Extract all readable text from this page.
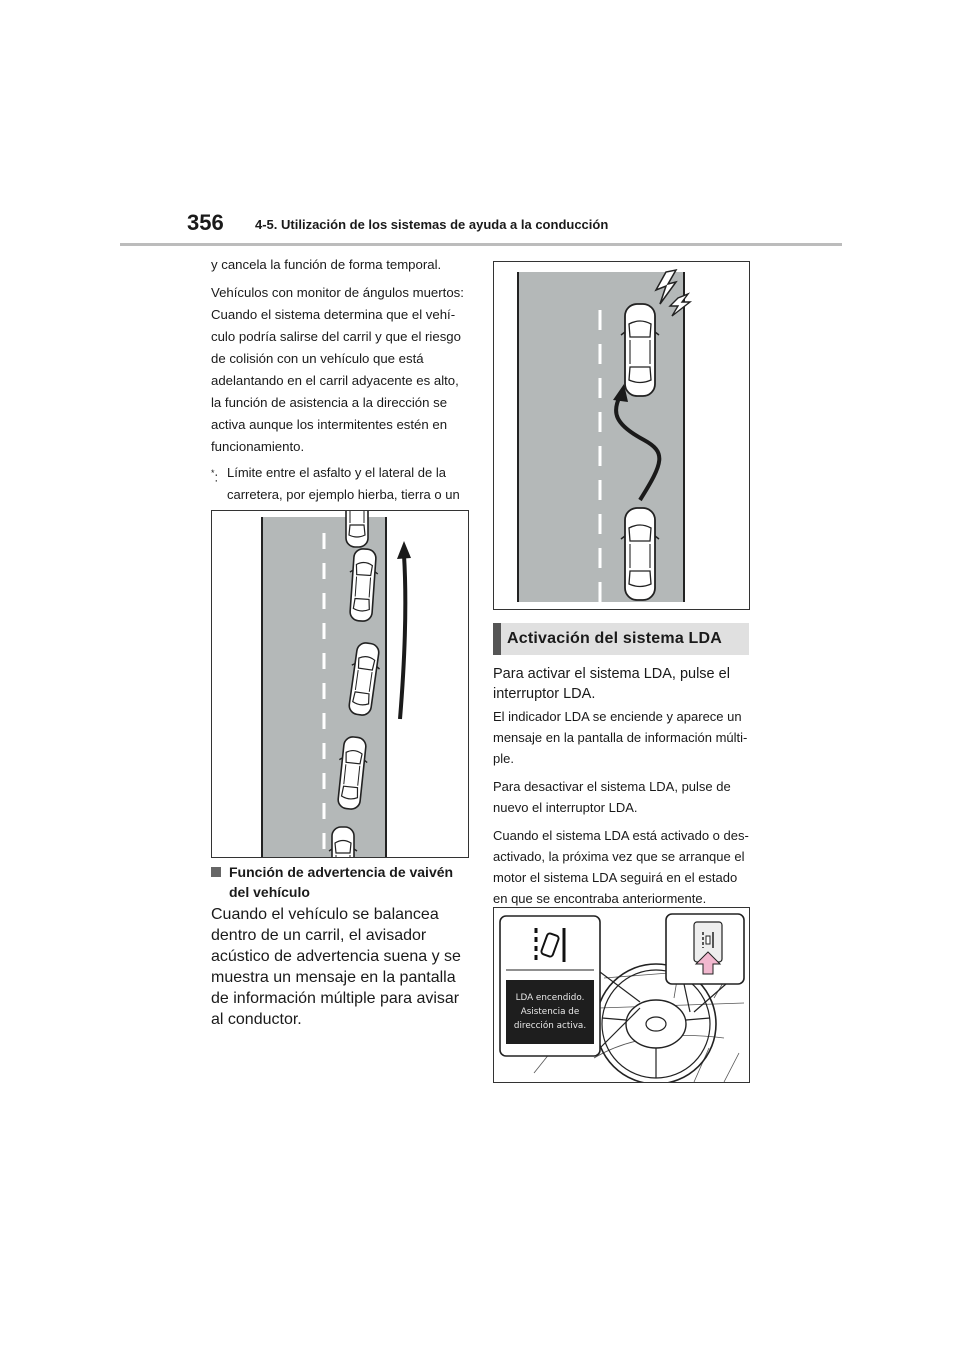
356 4-5. Utilización de los sistemas de ayuda a la conducción

y cancela la función de forma temporal.

Vehículos con monitor de ángulos muertos: Cuando el sistema determina que el vehículo podría salirse del carril y que el riesgo de colisión con un vehículo que está adelantando en el carril adyacente es alto, la función de asistencia a la dirección se activa aunque los intermitentes estén en funcionamiento.

*: Límite entre el asfalto y el lateral de la carretera, por ejemplo hierba, tierra o un
Función de advertencia de vaivén del vehículo
Cuando el vehículo se balancea dentro de un carril, el avisador acústico de advertencia suena y se muestra un mensaje en la pantalla de información múltiple para avisar al conductor.
Activación del sistema LDA
Para activar el sistema LDA, pulse el interruptor LDA.

El indicador LDA se enciende y aparece un mensaje en la pantalla de información múltiple.

Para desactivar el sistema LDA, pulse de nuevo el interruptor LDA.

Cuando el sistema LDA está activado o desactivado, la próxima vez que se arranque el motor el sistema LDA seguirá en el estado en que se encontraba anteriormente.

LDA encendido.
Asistencia de
dirección activa.
